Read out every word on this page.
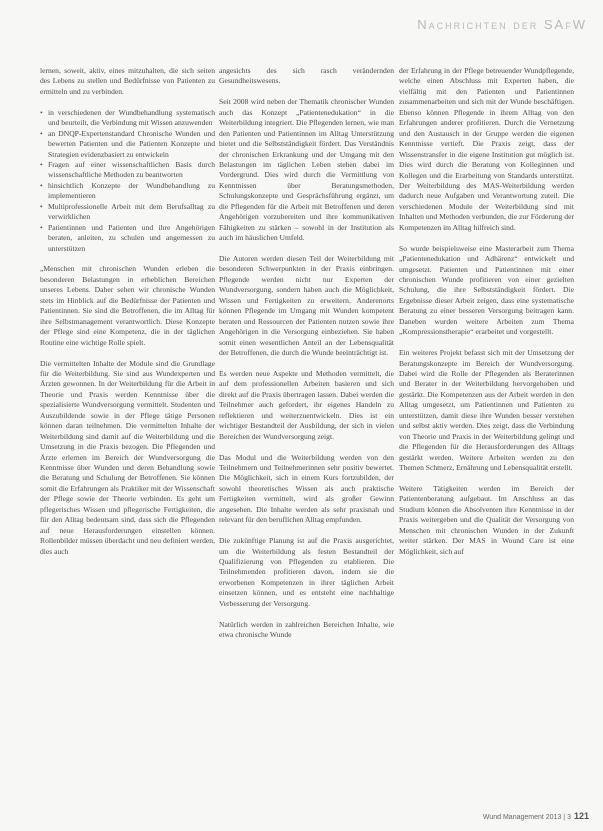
Nachrichten der SAfW

lernen, soweit, aktiv, eines mitzuhalten, die sich seiten des Lebens zu stellen und Bedürfnisse von Patienten zu ermitteln und zu verbinden.

• in verschiedenen der Wundbehandlung systematisch und beurteilt, die Verbindung mit Wissen anzuwenden
• an DNQP-Expertenstandard Chronische Wunden und bewerten Patienten und die Patienten Konzepte und Strategien evidenzbasiert zu entwickeln
• Fragen auf einer wissenschaftlichen Basis durch wissenschaftliche Methoden zu beantworten
• hinsichtlich Konzepte der Wundbehandlung zu implementieren
• Multiprofessionelle Arbeit mit dem Berufsalltag zu verwirklichen
• Patientinnen und Patienten und ihre Angehörigen beraten, anleiten, zu schulen und angemessen zu unterstützen

„Menschen mit chronischen Wunden erleben die besonderen Belastungen in erheblichen Bereichen unseres Lebens. Daher sehen wir chronische Wunden stets im Hinblick auf die Bedürfnisse der Patienten und Patientinnen. Sie sind die Betroffenen, die im Alltag für ihre Selbstmanagement verantwortlich. Diese Konzepte der Pflege sind eine Kompetenz, die in der täglichen Routine eine wichtige Rolle spielt.

Die vermittelten Inhalte der Module sind die Grundlage für die Weiterbildung. Sie sind aus Wundexperten und Ärzten gewonnen. In der Weiterbildung für die Arbeit in Theorie und Praxis werden Kenntnisse über die spezialisierte Wundversorgung vermittelt. Studenten und Auszubildende sowie in der Pflege tätige Personen können daran teilnehmen. Die vermittelten Inhalte der Weiterbildung sind damit auf die Weiterbildung und die Umsetzung in die Praxis bezogen. Die Pflegenden und Ärzte erlernen im Bereich der Wundversorgung die Kenntnisse über Wunden und deren Behandlung sowie die Beratung und Schulung der Betroffenen. Sie können somit die Erfahrungen als Praktiker mit der Wissenschaft der Pflege sowie der Theorie verbinden. Es geht um pflegerisches Wissen und pflegerische Fertigkeiten, die für den Alltag bedeutsam sind, dass sich die Pflegenden auf neue Herausforderungen einstellen können. Rollenbilder müssen überdacht und neu definiert werden, dies auch

angesichts des sich rasch verändernden Gesundheitswesens.

Seit 2008 wird neben der Thematik chronischer Wunden auch das Konzept „Patientenedukation“ in die Weiterbildung integriert. Die Pflegenden lernen, wie man den Patienten und Patientinnen im Alltag Unterstützung bietet und die Selbstständigkeit fördert. Das Verständnis der chronischen Erkrankung und der Umgang mit den Belastungen im täglichen Leben stehen dabei im Vordergrund. Dies wird durch die Vermittlung von Kenntnissen über Beratungsmethoden, Schulungskonzepte und Gesprächsführung ergänzt, um die Pflegenden für die Arbeit mit Betroffenen und deren Angehörigen vorzubereiten und ihre kommunikativen Fähigkeiten zu stärken – sowohl in der Institution als auch im häuslichen Umfeld.

Die Autoren werden diesen Teil der Weiterbildung mit besonderen Schwerpunkten in der Praxis einbringen. Pflegende werden nicht nur Experten der Wundversorgung, sondern haben auch die Möglichkeit, Wissen und Fertigkeiten zu erweitern. Anderenorts können Pflegende im Umgang mit Wunden kompetent beraten und Ressourcen der Patienten nutzen sowie ihre Angehörigen in die Versorgung einbeziehen. Sie haben somit einen wesentlichen Anteil an der Lebensqualität der Betroffenen, die durch die Wunde beeinträchtigt ist.

Es werden neue Aspekte und Methoden vermittelt, die auf dem professionellen Arbeiten basieren und sich direkt auf die Praxis übertragen lassen. Dabei werden die Teilnehmer auch gefordert, ihr eigenes Handeln zu reflektieren und weiterzuentwickeln. Dies ist ein wichtiger Bestandteil der Ausbildung, der sich in vielen Bereichen der Wundversorgung zeigt.

Das Modul und die Weiterbildung werden von den Teilnehmern und Teilnehmerinnen sehr positiv bewertet. Die Möglichkeit, sich in einem Kurs fortzubilden, der sowohl theoretisches Wissen als auch praktische Fertigkeiten vermittelt, wird als großer Gewinn angesehen. Die Inhalte werden als sehr praxisnah und relevant für den beruflichen Alltag empfunden.

Die zukünftige Planung ist auf die Praxis ausgerichtet, um die Weiterbildung als festen Bestandteil der Qualifizierung von Pflegenden zu etablieren. Die Teilnehmenden profitieren davon, indem sie die erworbenen Kompetenzen in ihrer täglichen Arbeit einsetzen können, und es entsteht eine nachhaltige Verbesserung der Versorgung.

Natürlich werden in zahlreichen Bereichen Inhalte, wie etwa chronische Wunde

der Erfahrung in der Pflege betreuender Wundpflegende, welche einen Abschluss mit Experten haben, die vielfältig mit den Patienten und Patientinnen zusammenarbeiten und sich mit der Wunde beschäftigen. Ebenso können Pflegende in ihrem Alltag von den Erfahrungen anderer profitieren. Durch die Vernetzung und den Austausch in der Gruppe werden die eigenen Kenntnisse vertieft. Die Praxis zeigt, dass der Wissenstransfer in die eigene Institution gut möglich ist. Dies wird durch die Beratung von Kolleginnen und Kollegen und die Erarbeitung von Standards unterstützt. Der Weiterbildung des MAS-Weiterbildung werden dadurch neue Aufgaben und Verantwortung zuteil. Die verschiedenen Module der Weiterbildung sind mit Inhalten und Methoden verbunden, die zur Förderung der Kompetenzen im Alltag hilfreich sind.

So wurde beispielsweise eine Masterarbeit zum Thema „Patientenedukation und Adhärenz“ entwickelt und umgesetzt. Patienten und Patientinnen mit einer chronischen Wunde profitieren von einer gezielten Schulung, die ihre Selbstständigkeit fördert. Die Ergebnisse dieser Arbeit zeigen, dass eine systematische Beratung zu einer besseren Versorgung beitragen kann. Daneben wurden weitere Arbeiten zum Thema „Kompressionstherapie“ erarbeitet und vorgestellt.

Ein weiteres Projekt befasst sich mit der Umsetzung der Beratungskonzepte im Bereich der Wundversorgung. Dabei wird die Rolle der Pflegenden als Beraterinnen und Berater in der Weiterbildung hervorgehoben und gestärkt. Die Kompetenzen aus der Arbeit werden in den Alltag umgesetzt, um Patientinnen und Patienten zu unterstützen, damit diese ihre Wunden besser verstehen und selbst aktiv werden. Dies zeigt, dass die Verbindung von Theorie und Praxis in der Weiterbildung gelingt und die Pflegenden für die Herausforderungen des Alltags gestärkt werden. Weitere Arbeiten werden zu den Themen Schmerz, Ernährung und Lebensqualität erstellt.

Weitere Tätigkeiten werden im Bereich der Patientenberatung aufgebaut. Im Anschluss an das Studium können die Absolventen ihre Kenntnisse in der Praxis weitergeben und die Qualität der Versorgung von Menschen mit chronischen Wunden in der Zukunft weiter stärken. Der MAS in Wound Care ist eine Möglichkeit, sich auf

Wund Management 2013 | 3 121
